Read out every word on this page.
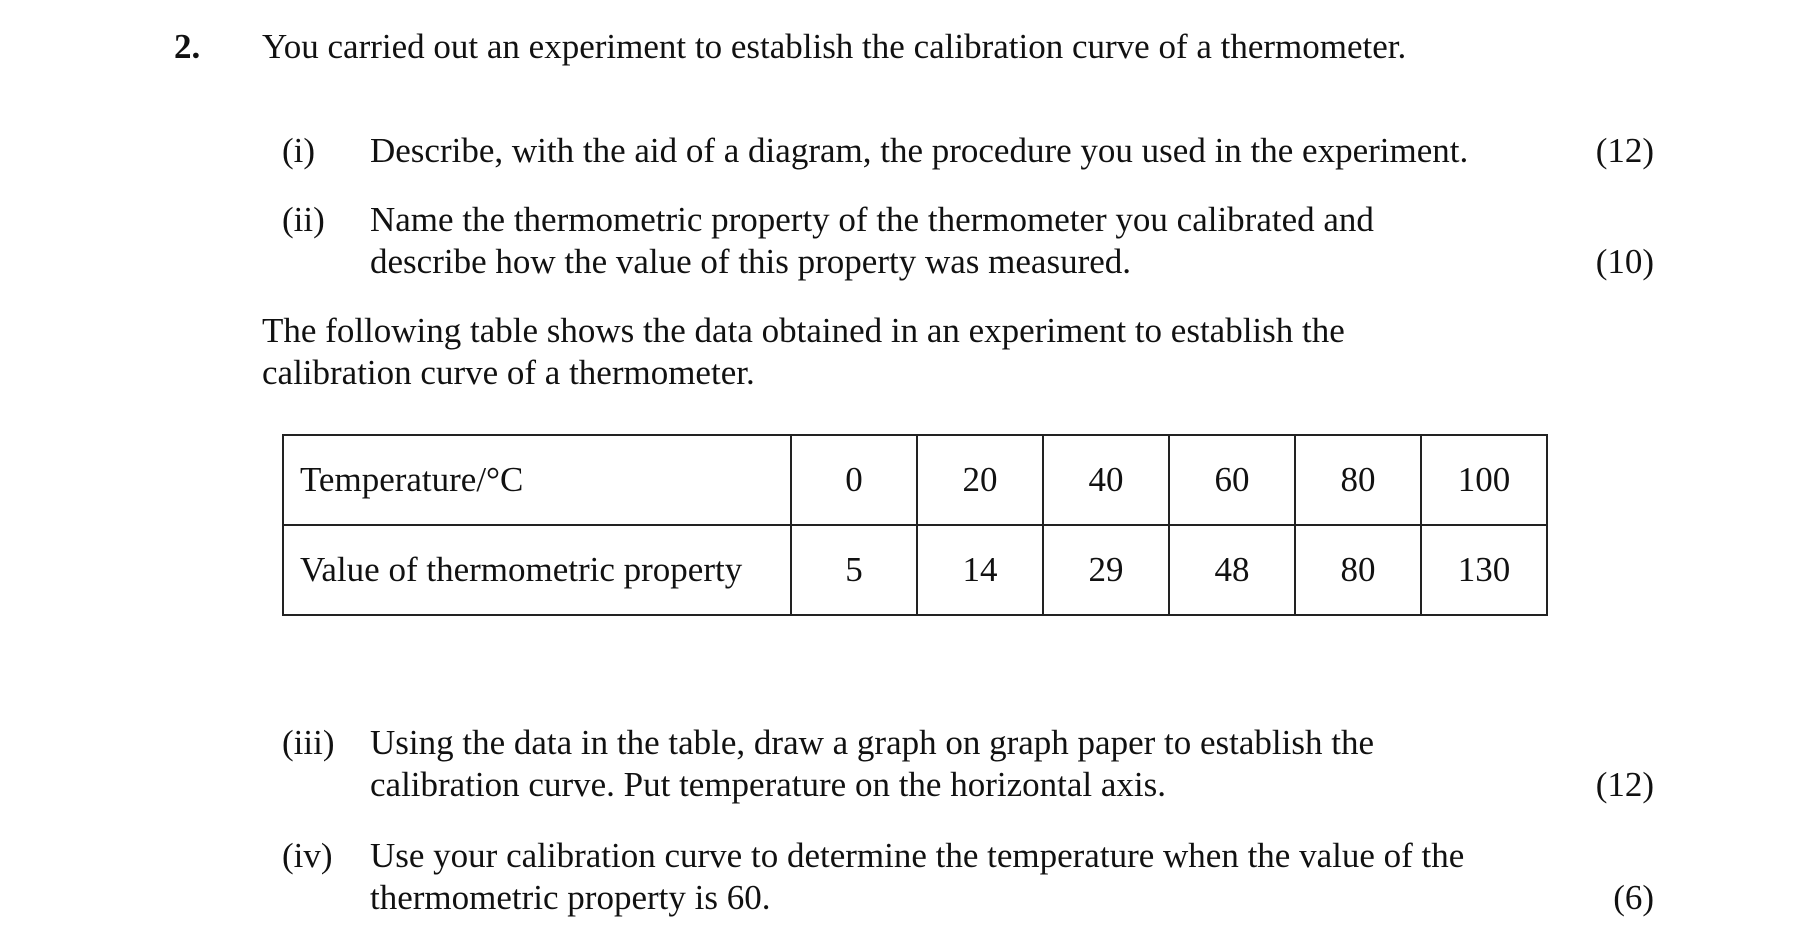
2. You carried out an experiment to establish the calibration curve of a thermometer.
(i) Describe, with the aid of a diagram, the procedure you used in the experiment.	(12)
(ii) Name the thermometric property of the thermometer you calibrated and
describe how the value of this property was measured.	(10)
The following table shows the data obtained in an experiment to establish the
calibration curve of a thermometer.
Temperature/°C	0	20	40	60	80	100
Value of thermometric property	5	14	29	48	80	130
(iii) Using the data in the table, draw a graph on graph paper to establish the
calibration curve. Put temperature on the horizontal axis.	(12)
(iv) Use your calibration curve to determine the temperature when the value of the
thermometric property is 60.	(6)
